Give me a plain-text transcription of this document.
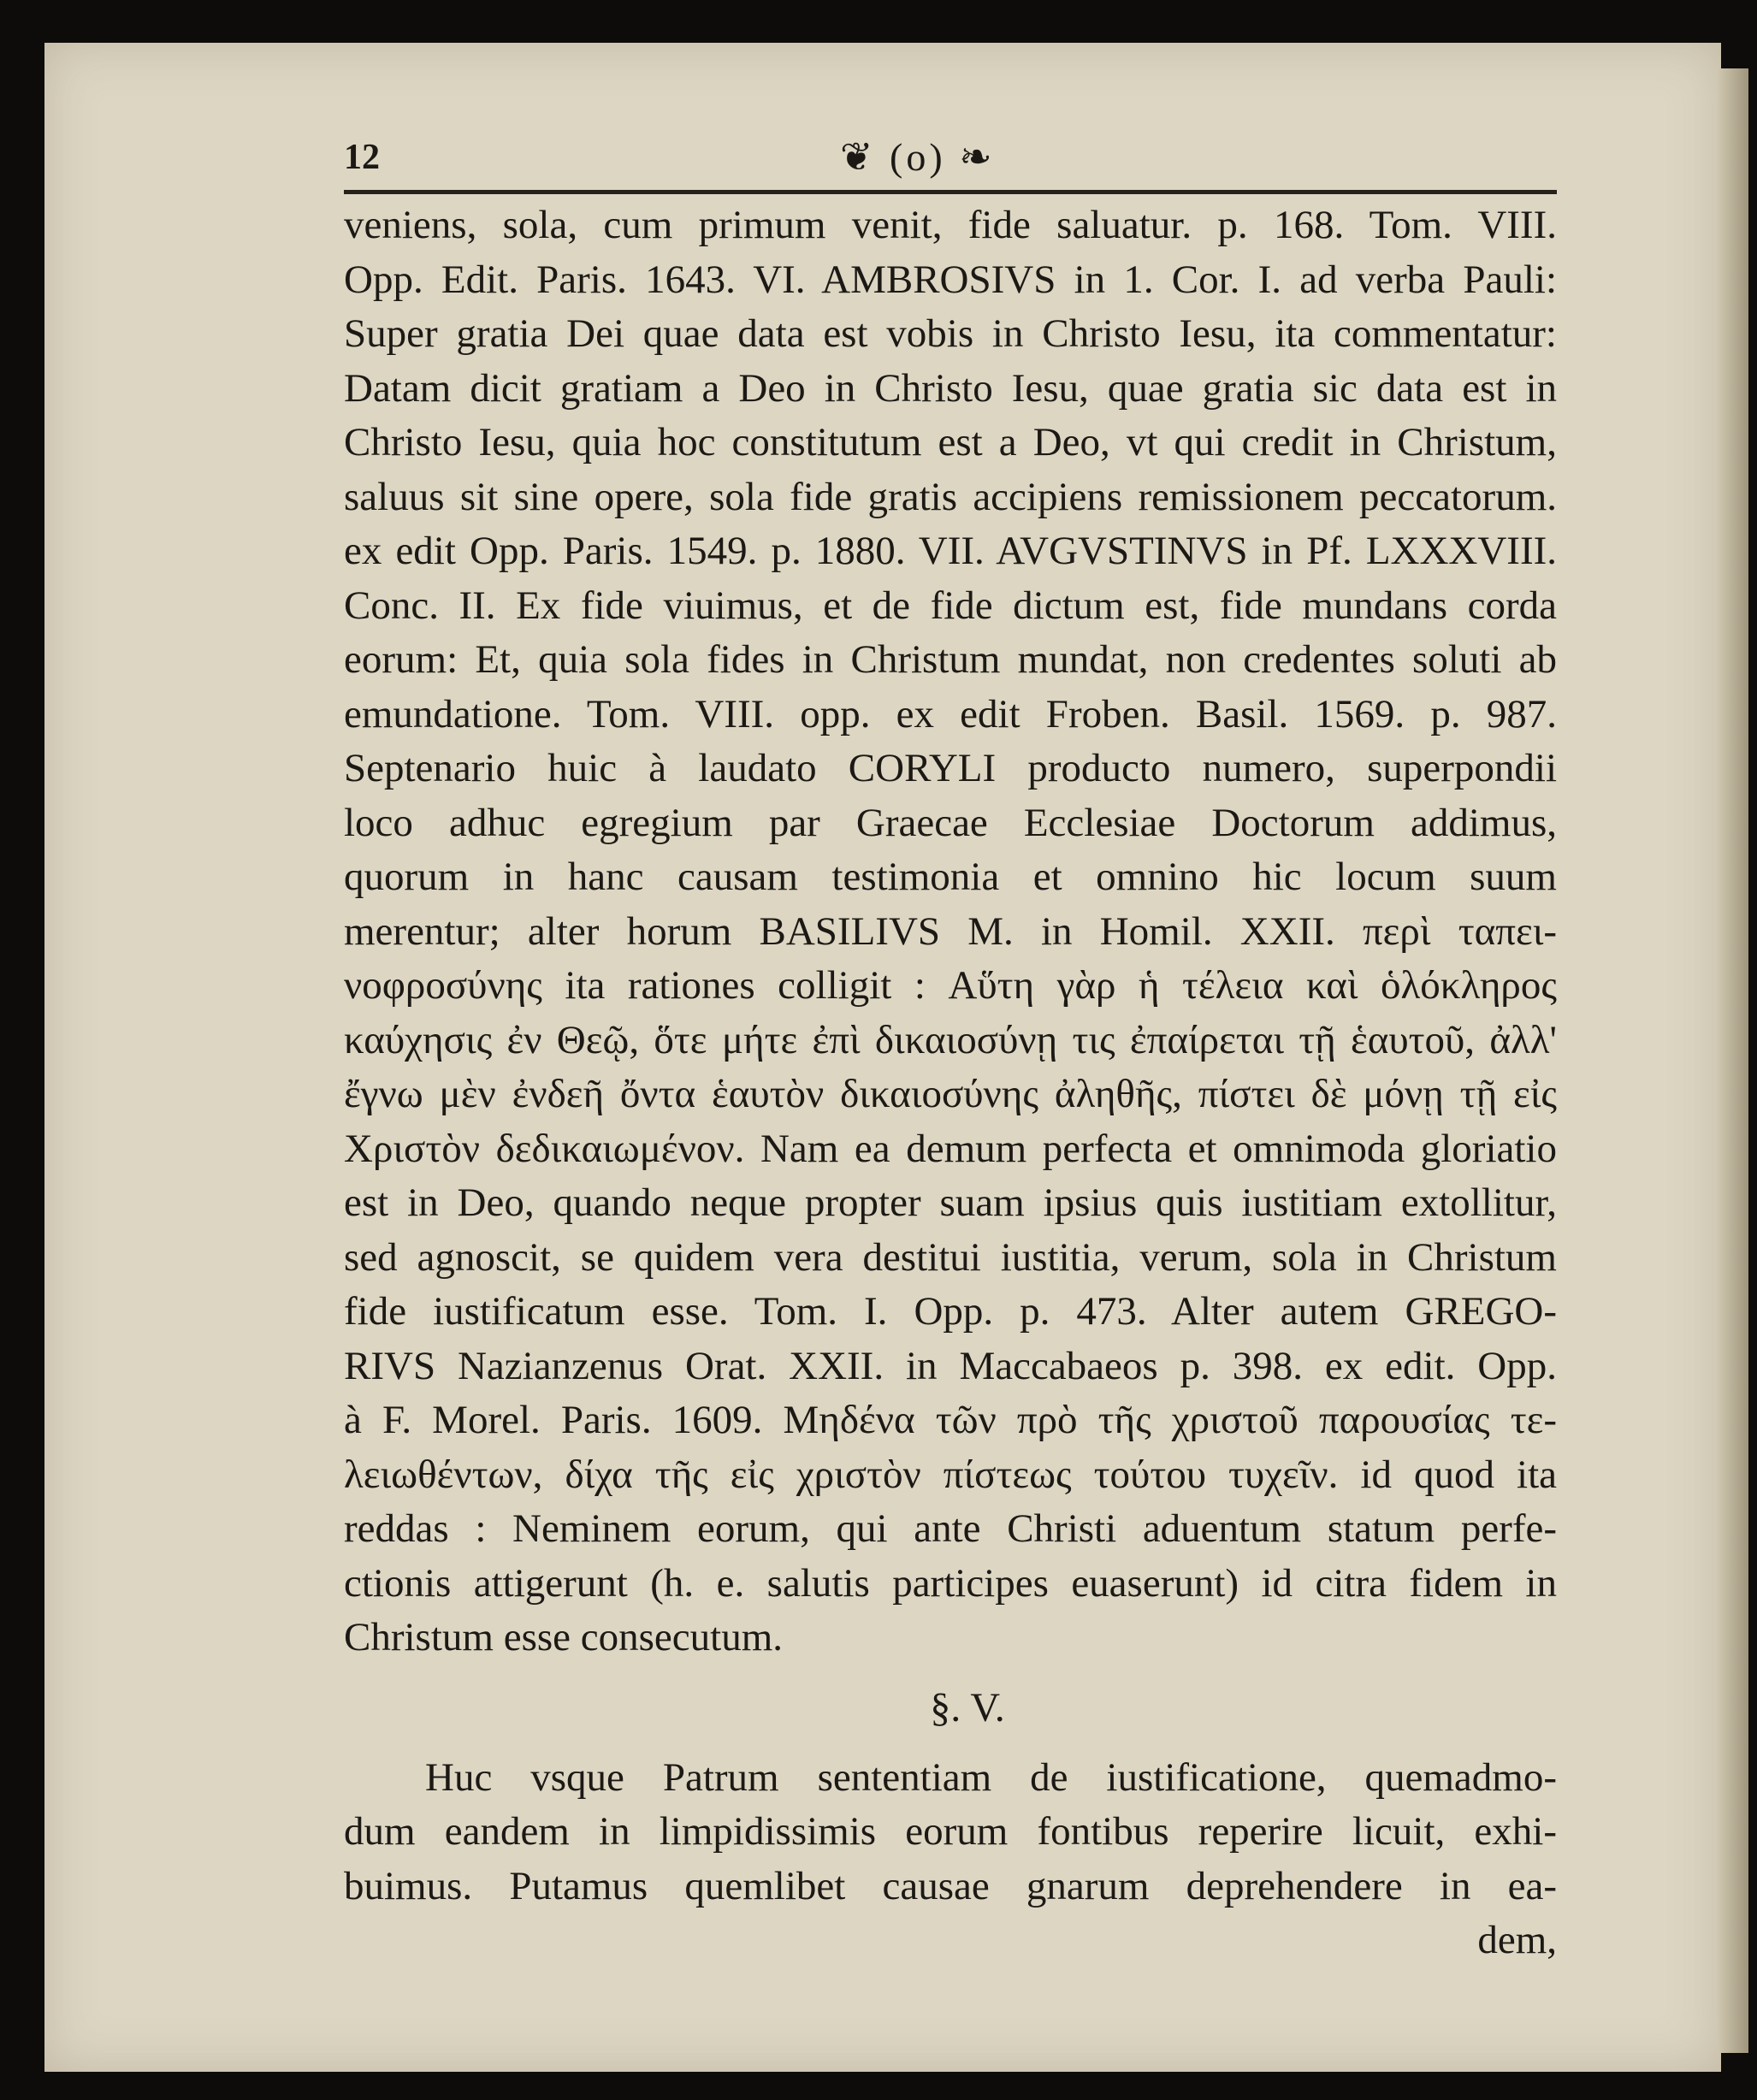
12	❦ (o) ❧
veniens, sola, cum primum venit, fide saluatur. p. 168. Tom. VIII.
Opp. Edit. Paris. 1643. VI. AMBROSIVS in 1. Cor. I. ad verba Pauli:
Super gratia Dei quae data est vobis in Christo Iesu, ita commentatur:
Datam dicit gratiam a Deo in Christo Iesu, quae gratia sic data est in
Christo Iesu, quia hoc constitutum est a Deo, vt qui credit in Christum,
saluus sit sine opere, sola fide gratis accipiens remissionem peccatorum.
ex edit Opp. Paris. 1549. p. 1880. VII. AVGVSTINVS in Pf. LXXXVIII.
Conc. II. Ex fide viuimus, et de fide dictum est, fide mundans corda
eorum: Et, quia sola fides in Christum mundat, non credentes soluti ab
emundatione. Tom. VIII. opp. ex edit Froben. Basil. 1569. p. 987.
Septenario huic à laudato CORYLI producto numero, superpondii
loco adhuc egregium par Graecae Ecclesiae Doctorum addimus,
quorum in hanc causam testimonia et omnino hic locum suum
merentur; alter horum BASILIVS M. in Homil. XXII. περὶ ταπει-
νοφροσύνης ita rationes colligit : Αὕτη γὰρ ἡ τέλεια καὶ ὁλόκληρος
καύχησις ἐν Θεῷ, ὅτε μήτε ἐπὶ δικαιοσύνῃ τις ἐπαίρεται τῇ ἑαυτοῦ, ἀλλ'
ἔγνω μὲν ἐνδεῆ ὄντα ἑαυτὸν δικαιοσύνης ἀληθῆς, πίστει δὲ μόνῃ τῇ εἰς
Χριστὸν δεδικαιωμένον. Nam ea demum perfecta et omnimoda gloriatio
est in Deo, quando neque propter suam ipsius quis iustitiam extollitur,
sed agnoscit, se quidem vera destitui iustitia, verum, sola in Christum
fide iustificatum esse. Tom. I. Opp. p. 473. Alter autem GREGO-
RIVS Nazianzenus Orat. XXII. in Maccabaeos p. 398. ex edit. Opp.
à F. Morel. Paris. 1609. Μηδένα τῶν πρὸ τῆς χριστοῦ παρουσίας τε-
λειωθέντων, δίχα τῆς εἰς χριστὸν πίστεως τούτου τυχεῖν. id quod ita
reddas : Neminem eorum, qui ante Christi aduentum statum perfe-
ctionis attigerunt (h. e. salutis participes euaserunt) id citra fidem in
Christum esse consecutum.
§. V.
Huc vsque Patrum sententiam de iustificatione, quemadmo-
dum eandem in limpidissimis eorum fontibus reperire licuit, exhi-
buimus. Putamus quemlibet causae gnarum deprehendere in ea-
dem,
